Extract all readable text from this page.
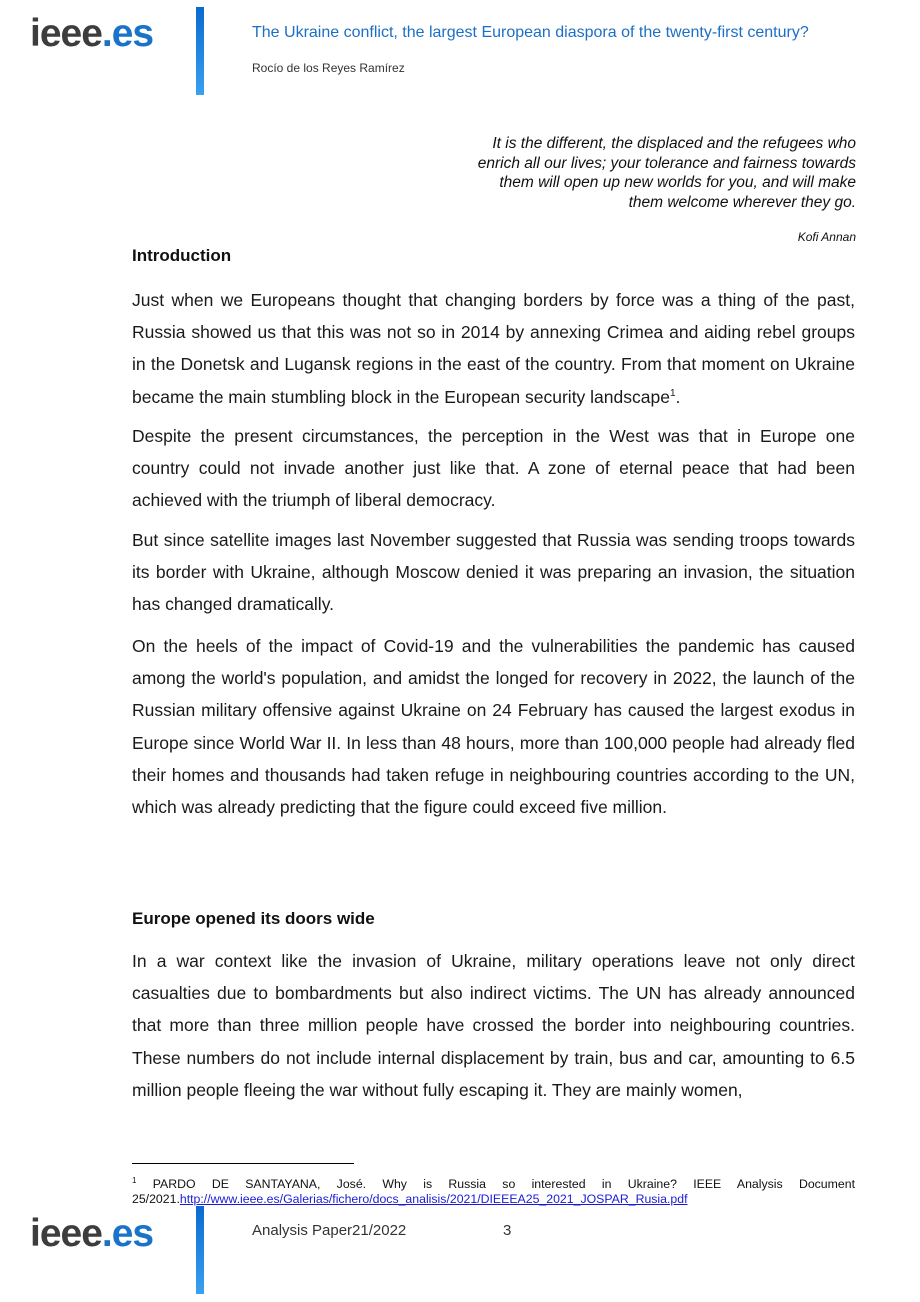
ieee.es	The Ukraine conflict, the largest European diaspora of the twenty-first century?
Rocío de los Reyes Ramírez
It is the different, the displaced and the refugees who enrich all our lives; your tolerance and fairness towards them will open up new worlds for you, and will make them welcome wherever they go.
Kofi Annan
Introduction

Just when we Europeans thought that changing borders by force was a thing of the past, Russia showed us that this was not so in 2014 by annexing Crimea and aiding rebel groups in the Donetsk and Lugansk regions in the east of the country. From that moment on Ukraine became the main stumbling block in the European security landscape$^1$.

Despite the present circumstances, the perception in the West was that in Europe one country could not invade another just like that. A zone of eternal peace that had been achieved with the triumph of liberal democracy.

But since satellite images last November suggested that Russia was sending troops towards its border with Ukraine, although Moscow denied it was preparing an invasion, the situation has changed dramatically.

On the heels of the impact of Covid-19 and the vulnerabilities the pandemic has caused among the world's population, and amidst the longed for recovery in 2022, the launch of the Russian military offensive against Ukraine on 24 February has caused the largest exodus in Europe since World War II. In less than 48 hours, more than 100,000 people had already fled their homes and thousands had taken refuge in neighbouring countries according to the UN, which was already predicting that the figure could exceed five million.

Europe opened its doors wide

In a war context like the invasion of Ukraine, military operations leave not only direct casualties due to bombardments but also indirect victims. The UN has already announced that more than three million people have crossed the border into neighbouring countries. These numbers do not include internal displacement by train, bus and car, amounting to 6.5 million people fleeing the war without fully escaping it. They are mainly women,

$^1$ PARDO DE SANTAYANA, José. Why is Russia so interested in Ukraine? IEEE Analysis Document 25/2021.http://www.ieee.es/Galerias/fichero/docs_analisis/2021/DIEEEA25_2021_JOSPAR_Rusia.pdf
ieee.es	Analysis Paper21/2022	3
